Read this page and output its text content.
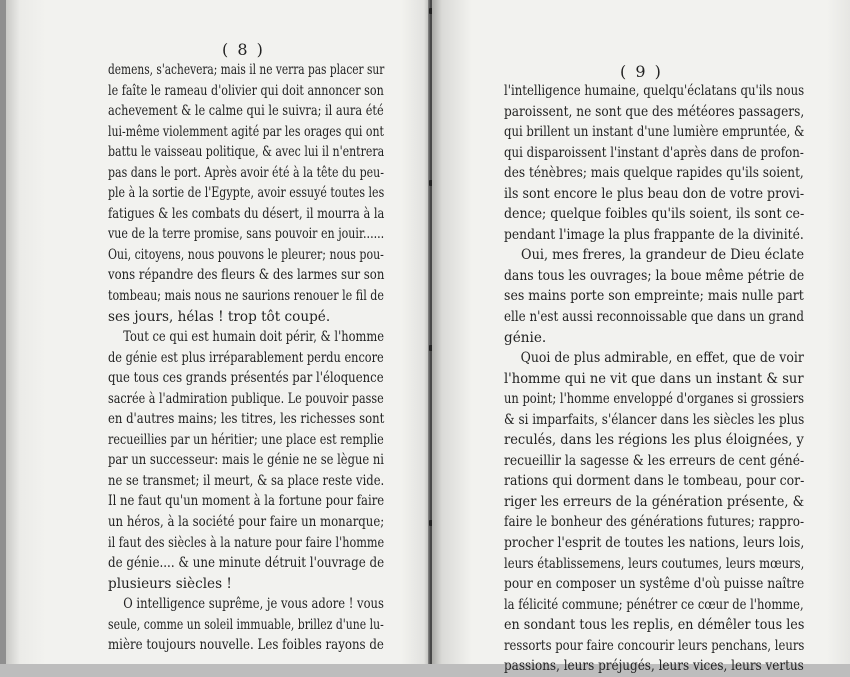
( 8 )
demens, s'achevera; mais il ne verra pas placer sur
le faîte le rameau d'olivier qui doit annoncer son
achevement & le calme qui le suivra; il aura été
lui-même violemment agité par les orages qui ont
battu le vaisseau politique, & avec lui il n'entrera
pas dans le port. Après avoir été à la tête du peu-
ple à la sortie de l'Egypte, avoir essuyé toutes les
fatigues & les combats du désert, il mourra à la
vue de la terre promise, sans pouvoir en jouir......
Oui, citoyens, nous pouvons le pleurer; nous pou-
vons répandre des fleurs & des larmes sur son
tombeau; mais nous ne saurions renouer le fil de
ses jours, hélas ! trop tôt coupé.
Tout ce qui est humain doit périr, & l'homme
de génie est plus irréparablement perdu encore
que tous ces grands présentés par l'éloquence
sacrée à l'admiration publique. Le pouvoir passe
en d'autres mains; les titres, les richesses sont
recueillies par un héritier; une place est remplie
par un successeur: mais le génie ne se lègue ni
ne se transmet; il meurt, & sa place reste vide.
Il ne faut qu'un moment à la fortune pour faire
un héros, à la société pour faire un monarque;
il faut des siècles à la nature pour faire l'homme
de génie.... & une minute détruit l'ouvrage de
plusieurs siècles !
O intelligence suprême, je vous adore ! vous
seule, comme un soleil immuable, brillez d'une lu-
mière toujours nouvelle. Les foibles rayons de
( 9 )
l'intelligence humaine, quelqu'éclatans qu'ils nous
paroissent, ne sont que des météores passagers,
qui brillent un instant d'une lumière empruntée, &
qui disparoissent l'instant d'après dans de profon-
des ténèbres; mais quelque rapides qu'ils soient,
ils sont encore le plus beau don de votre provi-
dence; quelque foibles qu'ils soient, ils sont ce-
pendant l'image la plus frappante de la divinité.
Oui, mes freres, la grandeur de Dieu éclate
dans tous les ouvrages; la boue même pétrie de
ses mains porte son empreinte; mais nulle part
elle n'est aussi reconnoissable que dans un grand
génie.
Quoi de plus admirable, en effet, que de voir
l'homme qui ne vit que dans un instant & sur
un point; l'homme enveloppé d'organes si grossiers
& si imparfaits, s'élancer dans les siècles les plus
reculés, dans les régions les plus éloignées, y
recueillir la sagesse & les erreurs de cent géné-
rations qui dorment dans le tombeau, pour cor-
riger les erreurs de la génération présente, &
faire le bonheur des générations futures; rappro-
procher l'esprit de toutes les nations, leurs lois,
leurs établissemens, leurs coutumes, leurs mœurs,
pour en composer un systême d'où puisse naître
la félicité commune; pénétrer ce cœur de l'homme,
en sondant tous les replis, en démêler tous les
ressorts pour faire concourir leurs penchans, leurs
passions, leurs préjugés, leurs vices, leurs vertus
